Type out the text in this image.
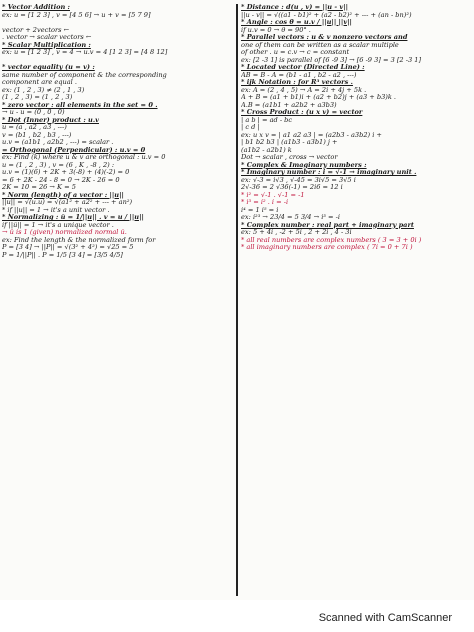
* Vector Addition :
ex: u = [1 2 3] , v = [4 5 6] → u + v = [5 7 9]
vector + 2vectors ←
. vector → scalar vectors ←
* Scalar Multiplication :
ex: u = [1 2 3] , v = 4 → u.v = 4 [1 2 3] = [4 8 12]
* vector equality (u = v) :
same number of component & the corresponding
component are equal .
ex: (1 , 2 , 3) ≠ (2 , 1 , 3)
(1 , 2 , 3) = (1 , 2 , 3)
* zero vector : all elements in the set = 0 .
→ u - u = (0 , 0 , 0)
* Dot (Inner) product : u.v
u = (a , a2 , a3 , ---)
v = (b1 , b2 , b3 , ---)
u.v = (a1b1 , a2b2 , ---) = scalar .
= Orthogonal (Perpendicular) : u.v = 0
ex: Find (k) where u & v are orthogonal : u.v = 0
u = (1 , 2 , 3) , v = (6 , K , -8 , 2) :
u.v = (1)(6) + 2K + 3(-8) + (4)(-2) = 0
= 6 + 2K - 24 - 8 = 0 → 2K - 26 = 0
2K = 10 = 26 → K = 5
* Norm (length) of a vector : ||u||
||u|| = √(u.u) = √(a1² + a2² + --- + an²)
* if ||u|| = 1 → it's a unit vector .
* Normalizing : û = 1/||u|| . v = u / ||u||
if ||û|| = 1 → it's a unique vector .
→ û is 1 (given) normalized normal û.
ex: Find the length & the normalized form for
P = [3 4] → ||P|| = √(3² + 4²) = √25 = 5
P̂ = 1/||P|| . P = 1/5 [3 4] = [3/5 4/5]
* Distance : d(u , v) = ||u - v||
||u - v|| = √((a1 - b1)² + (a2 - b2)² + --- + (an - bn)²)
* Angle : cos θ = u.v / ||u|| ||v||
if u.v = 0 → θ = 90° .
* Parallel vectors : u & v nonzero vectors and
one of them can be written as a scalar multiple
of other . u = c.v → c = constant
ex: [2 -3 1] is parallel of [6 -9 3] → [6 -9 3] = 3 [2 -3 1]
* Located vector (Directed Line) :
AB = B - A = (b1 - a1 , b2 - a2 , ---)
* ijk Notation : for R³ vectors .
ex: A = (2 , 4 , 5) → A = 2i + 4j + 5k .
A + B = (a1 + b1)i + (a2 + b2)j + (a3 + b3)k .
A.B = (a1b1 + a2b2 + a3b3)
* Cross Product : (u x v) = vector
| a b | = ad - bc
| c d |
ex: u x v = | a1 a2 a3 | = (a2b3 - a3b2) i +
| b1 b2 b3 | (a1b3 - a3b1) j +
(a1b2 - a2b1) k
Dot → scalar , cross → vector
* Complex & Imaginary numbers :
* Imaginary number : i = √-1 → imaginary unit .
ex: √-3 = i√3 , √-45 = 3i√5 = 3√5 i
2√-36 = 2 √36(-1) = 2i6 = 12 i
* i² = √-1 . √-1 = -1
* i³ = i² . i = -i
i⁴ = 1 i⁵ = i
ex: i²³ → 23/4 = 5 3/4 → i³ = -i
* Complex number : real part + imaginary part
ex: 5 + 4i , -2 + 5i , 2 + 2i , 4 - 3i
* all real numbers are complex numbers ( 3 = 3 + 0i )
* all imaginary numbers are complex ( 7i = 0 + 7i )
Scanned with CamScanner
